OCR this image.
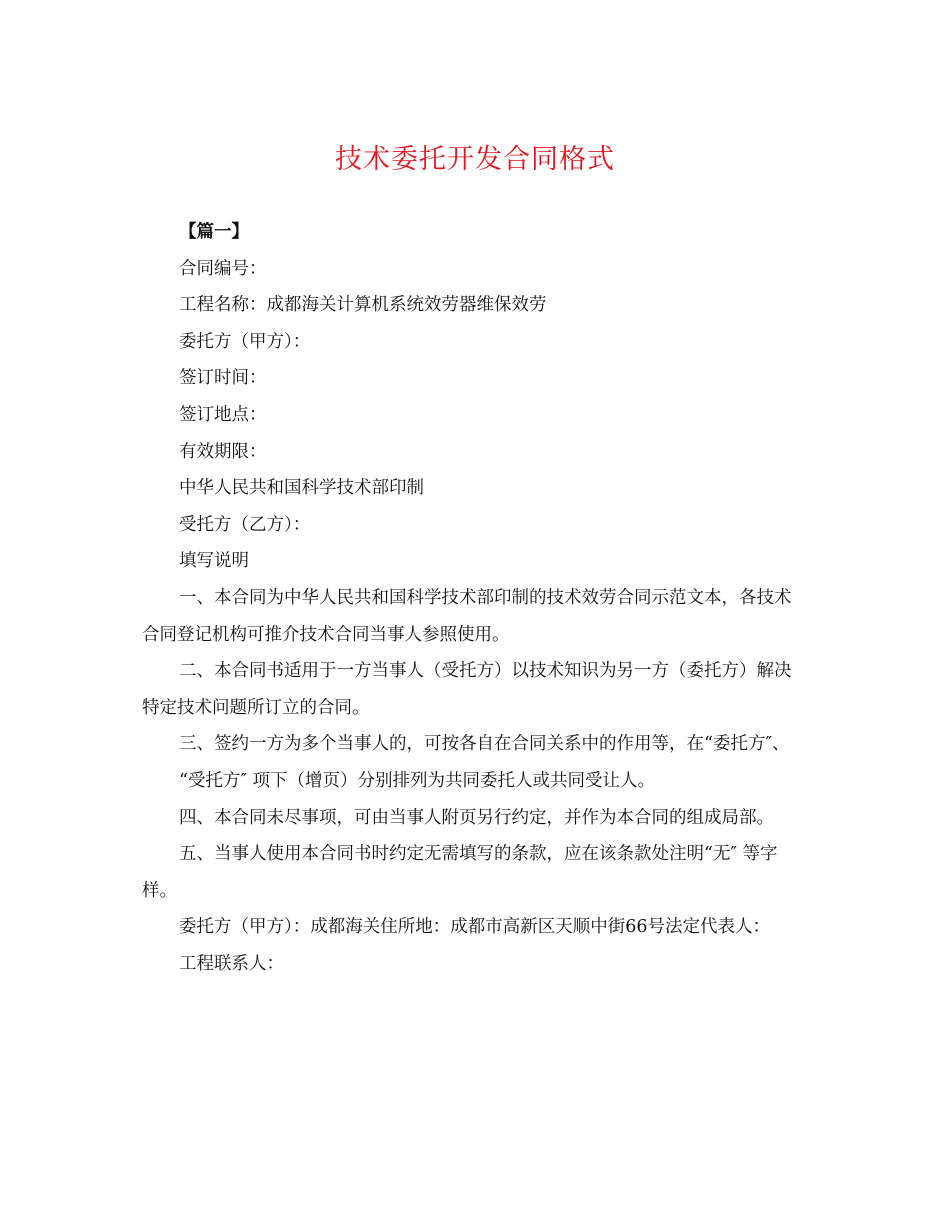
技术委托开发合同格式

【篇一】

合同编号：

工程名称：成都海关计算机系统效劳器维保效劳

委托方（甲方）：

签订时间：

签订地点：

有效期限：

中华人民共和国科学技术部印制

受托方（乙方）：

填写说明

一、本合同为中华人民共和国科学技术部印制的技术效劳合同示范文本，各技术合同登记机构可推介技术合同当事人参照使用。

二、本合同书适用于一方当事人（受托方）以技术知识为另一方（委托方）解决特定技术问题所订立的合同。

三、签约一方为多个当事人的，可按各自在合同关系中的作用等，在“委托方″、

“受托方″ 项下（增页）分别排列为共同委托人或共同受让人。

四、本合同未尽事项，可由当事人附页另行约定，并作为本合同的组成局部。

五、当事人使用本合同书时约定无需填写的条款，应在该条款处注明“无″ 等字样。

委托方（甲方）：成都海关住所地：成都市高新区天顺中街66号法定代表人：

工程联系人：
